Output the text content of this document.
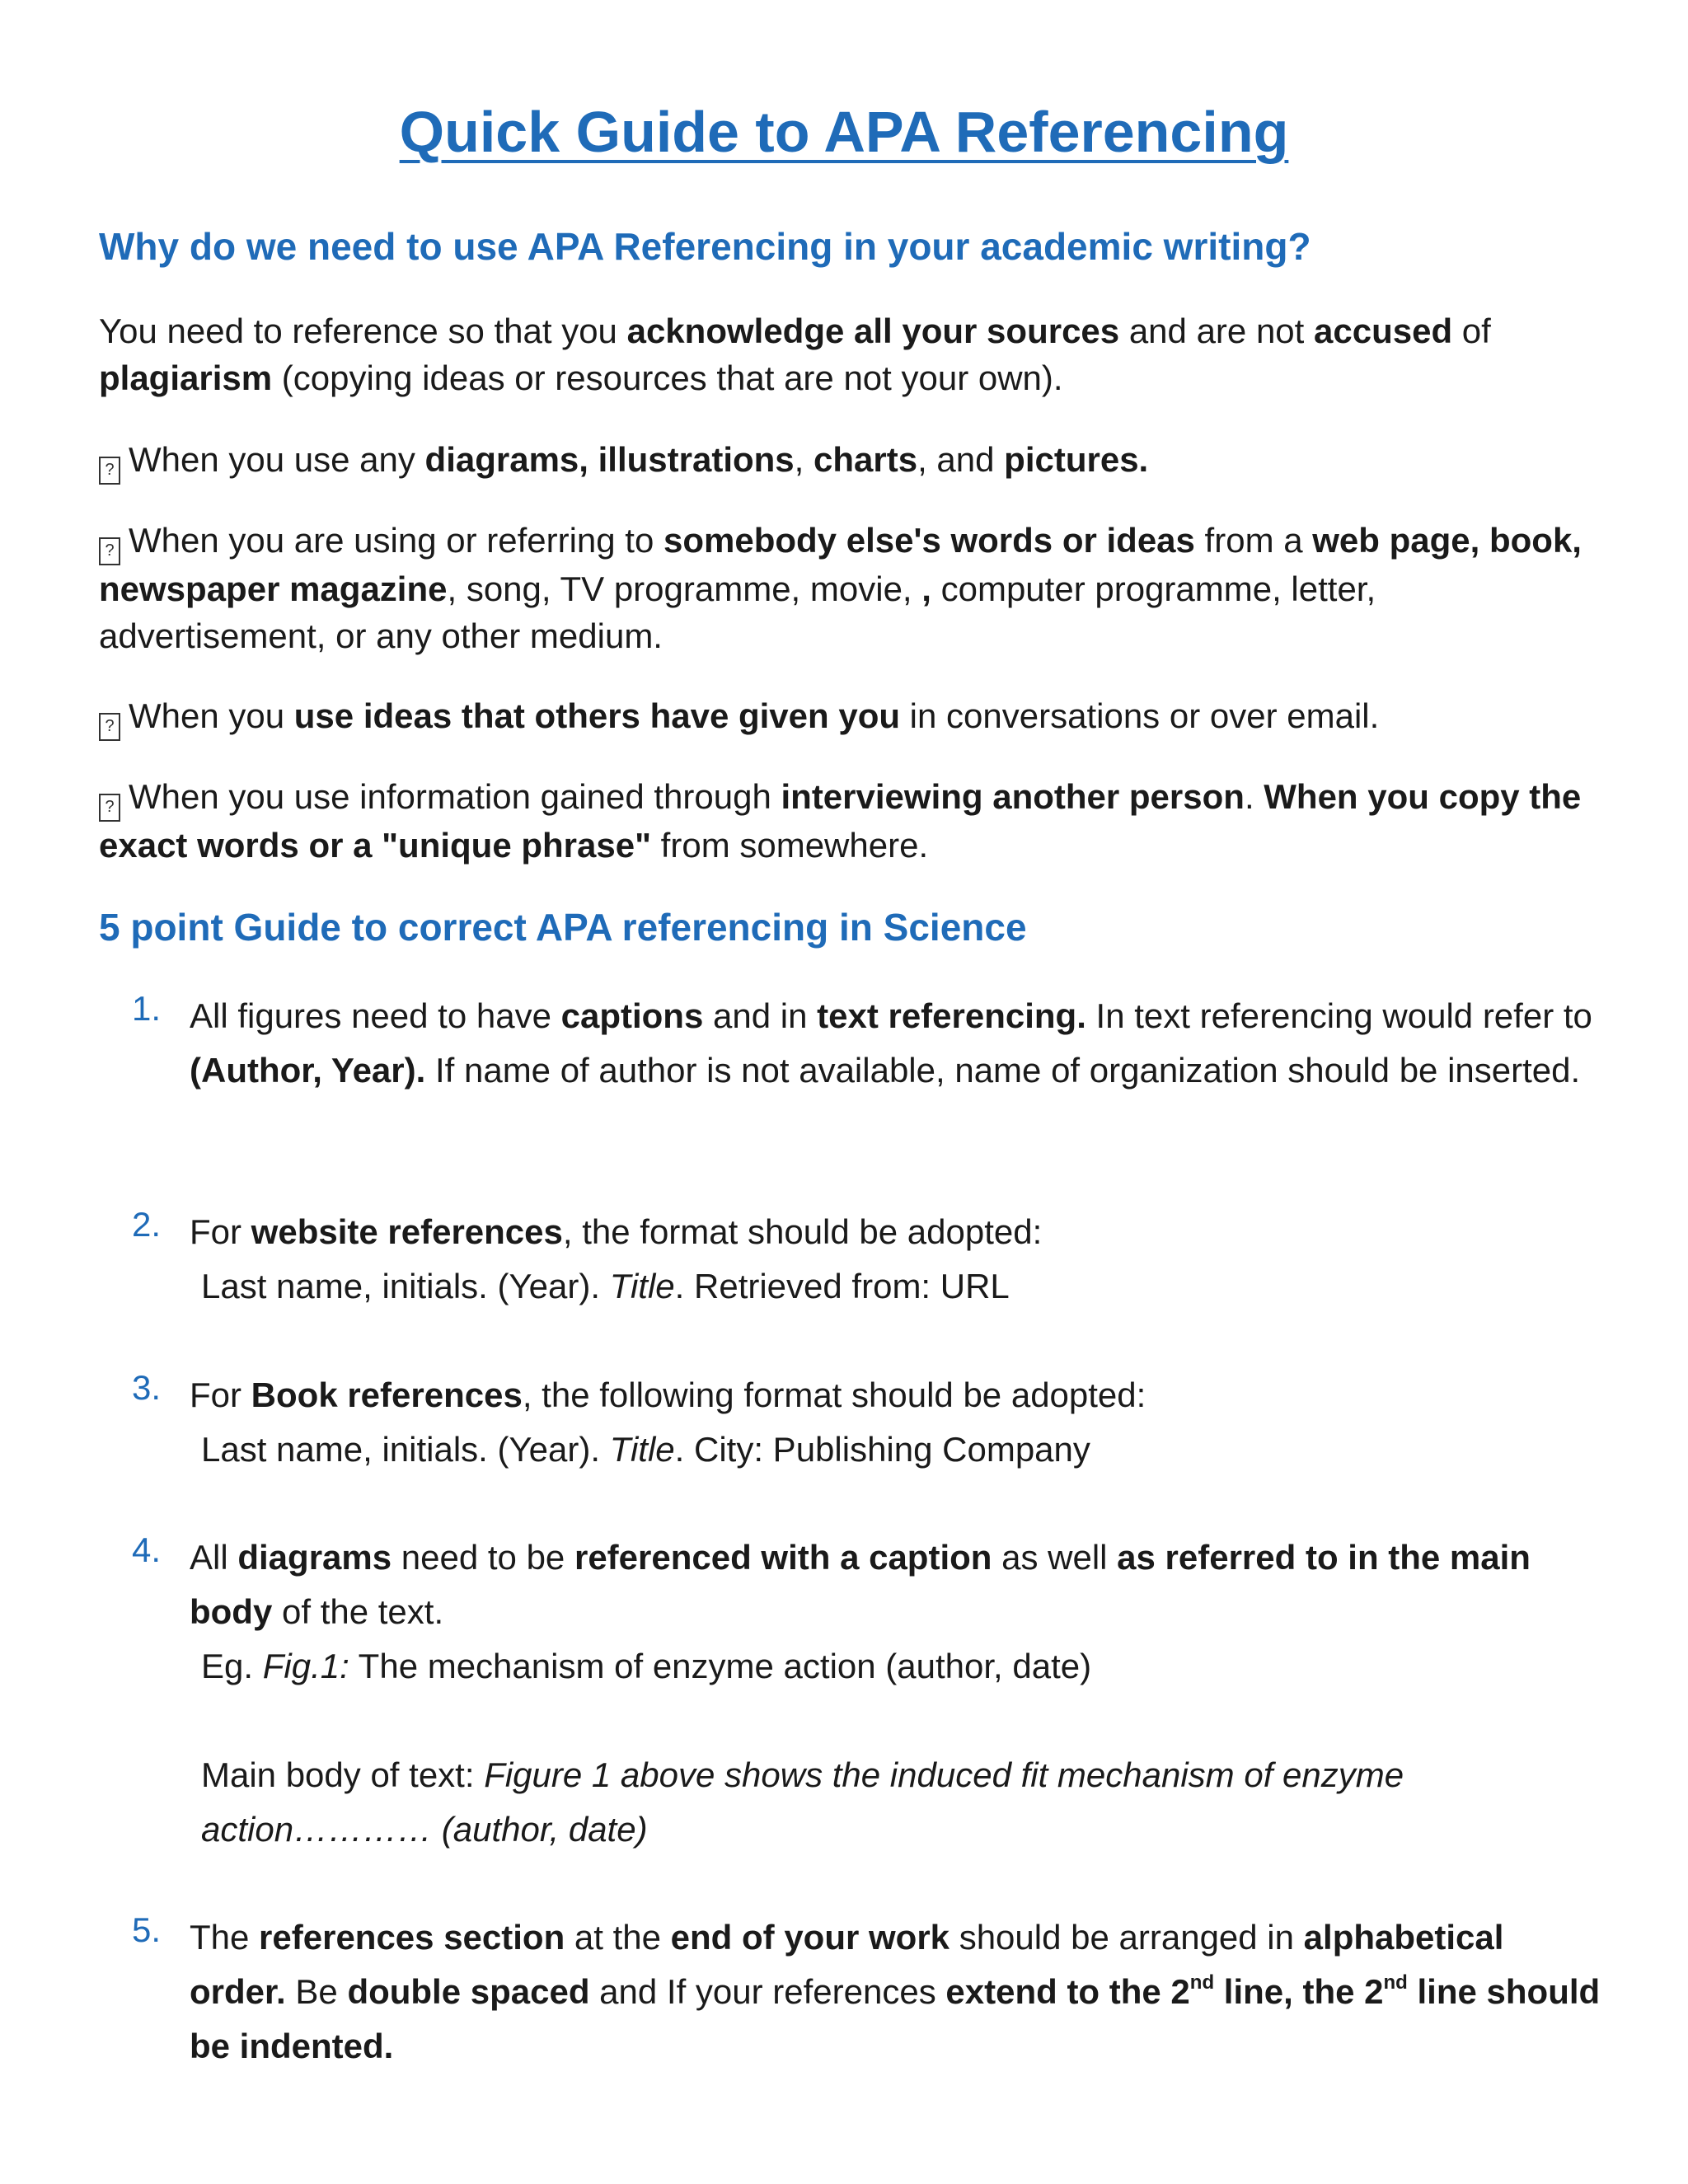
Quick Guide to APA Referencing
Why do we need to use APA Referencing in your academic writing?
You need to reference so that you acknowledge all your sources and are not accused of plagiarism (copying ideas or resources that are not your own).
? When you use any diagrams, illustrations, charts, and pictures.
? When you are using or referring to somebody else's words or ideas from a web page, book, newspaper magazine, song, TV programme, movie, , computer programme, letter, advertisement, or any other medium.
? When you use ideas that others have given you in conversations or over email.
? When you use information gained through interviewing another person. When you copy the exact words or a "unique phrase" from somewhere.
5 point Guide to correct APA referencing in Science
1. All figures need to have captions and in text referencing. In text referencing would refer to (Author, Year). If name of author is not available, name of organization should be inserted.
2. For website references, the format should be adopted:
Last name, initials. (Year). Title. Retrieved from: URL
3. For Book references, the following format should be adopted:
Last name, initials. (Year). Title. City: Publishing Company
4. All diagrams need to be referenced with a caption as well as referred to in the main body of the text.
Eg. Fig.1: The mechanism of enzyme action (author, date)
Main body of text: Figure 1 above shows the induced fit mechanism of enzyme action………… (author, date)
5. The references section at the end of your work should be arranged in alphabetical order. Be double spaced and If your references extend to the 2nd line, the 2nd line should be indented.
